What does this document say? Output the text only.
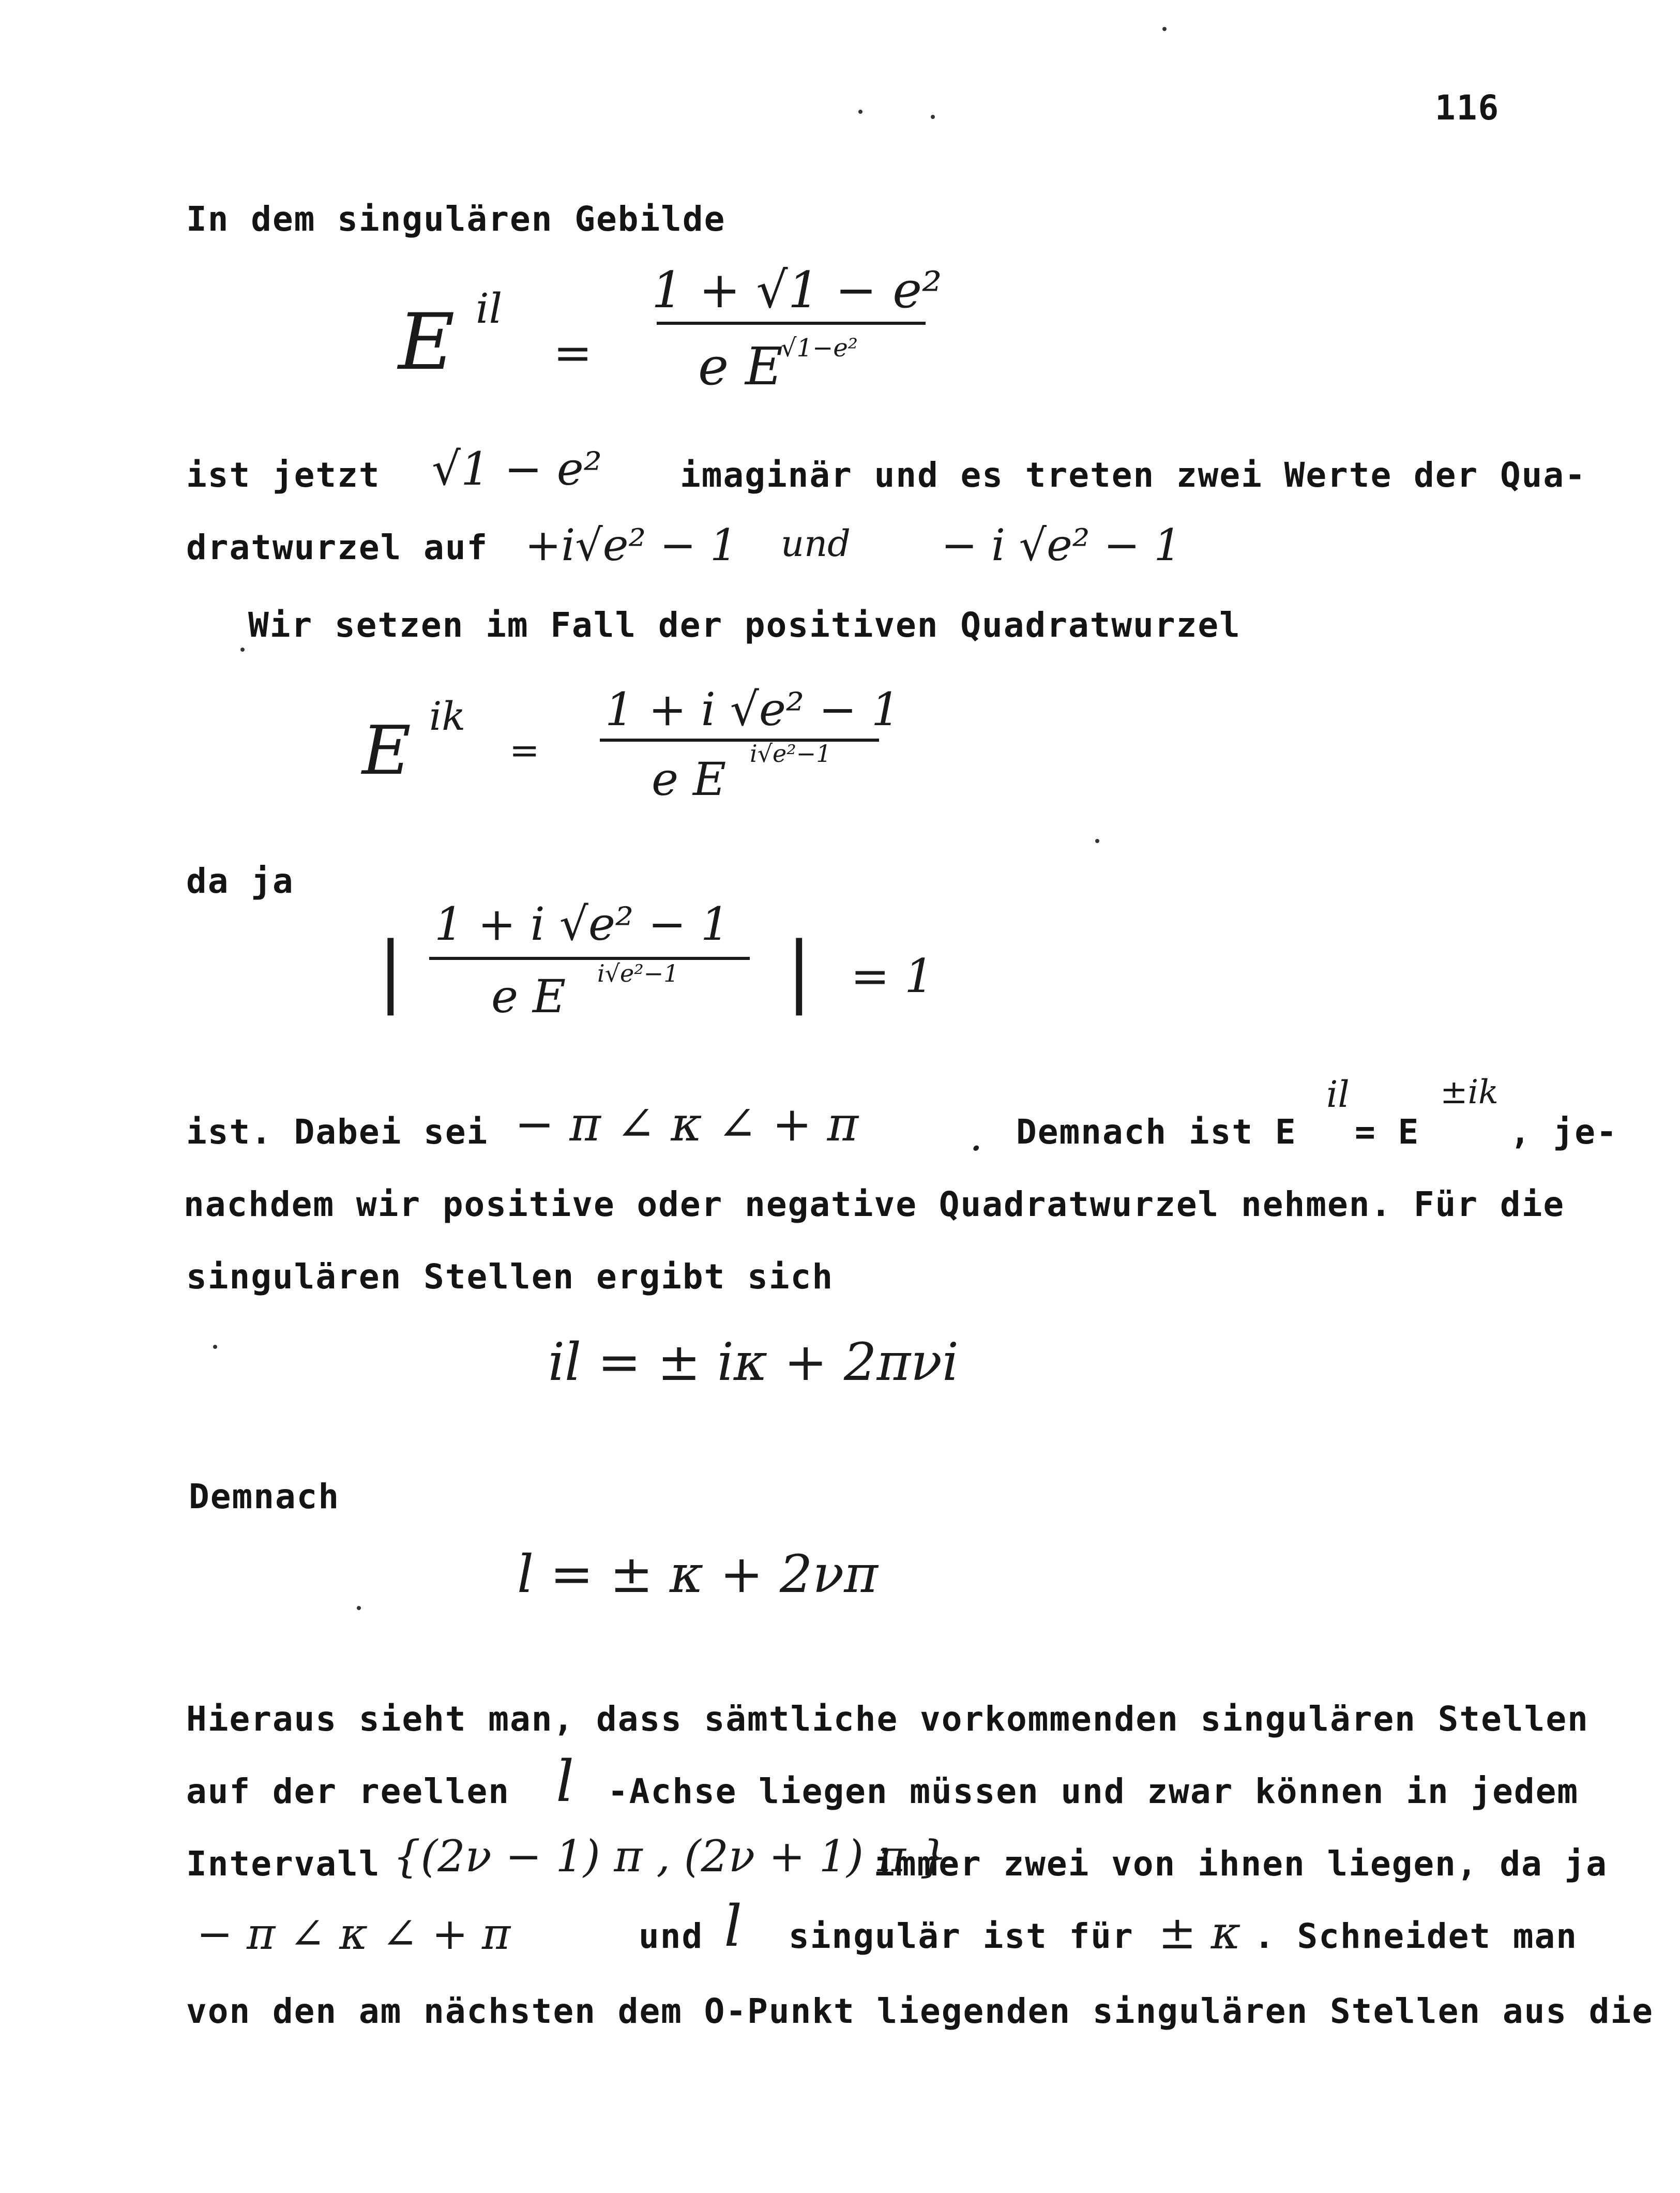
116
In dem singulären Gebilde
E il
=
1 + √1 − e²
e E
√1−e²
ist jetzt √1 − e² imaginär und es treten zwei Werte der Qua-
dratwurzel auf +i√e² − 1 und − i √e² − 1
Wir setzen im Fall der positiven Quadratwurzel
E ik
=
1 + i √e² − 1
e E i√e²−1
da ja
|
1 + i √e² − 1
e E i√e²−1 | = 1
ist. Dabei sei − π ∠ κ ∠ + π	. Demnach ist E
il
= E
±ik
, je-
nachdem wir positive oder negative Quadratwurzel nehmen. Für die
singulären Stellen ergibt sich
il = ± iκ + 2πνi
Demnach
l = ± κ + 2νπ
Hieraus sieht man, dass sämtliche vorkommenden singulären Stellen
auf der reellen l -Achse liegen müssen und zwar können in jedem
Intervall {(2ν − 1) π , (2ν + 1) π }
immer zwei von ihnen liegen, da ja
− π ∠ κ ∠ + π	und l singulär ist für ± κ . Schneidet man
von den am nächsten dem O-Punkt liegenden singulären Stellen aus die
